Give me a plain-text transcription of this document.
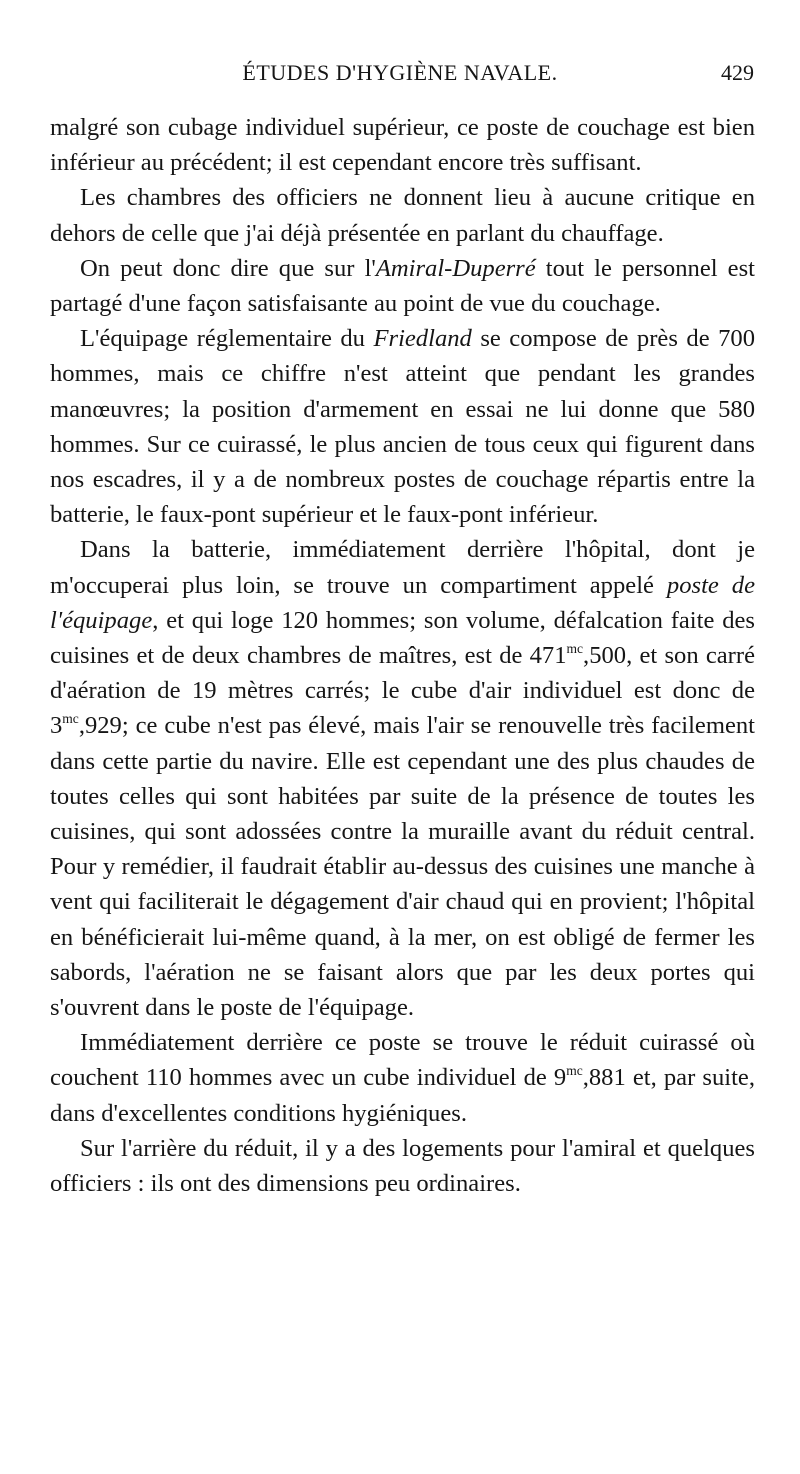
ÉTUDES D'HYGIÈNE NAVALE.	429

malgré son cubage individuel supérieur, ce poste de couchage est bien inférieur au précédent; il est cependant encore très suffisant.

Les chambres des officiers ne donnent lieu à aucune critique en dehors de celle que j'ai déjà présentée en parlant du chauffage.

On peut donc dire que sur l'Amiral-Duperré tout le personnel est partagé d'une façon satisfaisante au point de vue du couchage.

L'équipage réglementaire du Friedland se compose de près de 700 hommes, mais ce chiffre n'est atteint que pendant les grandes manœuvres; la position d'armement en essai ne lui donne que 580 hommes. Sur ce cuirassé, le plus ancien de tous ceux qui figurent dans nos escadres, il y a de nombreux postes de couchage répartis entre la batterie, le faux-pont supérieur et le faux-pont inférieur.

Dans la batterie, immédiatement derrière l'hôpital, dont je m'occuperai plus loin, se trouve un compartiment appelé poste de l'équipage, et qui loge 120 hommes; son volume, défalcation faite des cuisines et de deux chambres de maîtres, est de $471^{mc},500$, et son carré d'aération de 19 mètres carrés; le cube d'air individuel est donc de $3^{mc},929$; ce cube n'est pas élevé, mais l'air se renouvelle très facilement dans cette partie du navire. Elle est cependant une des plus chaudes de toutes celles qui sont habitées par suite de la présence de toutes les cuisines, qui sont adossées contre la muraille avant du réduit central. Pour y remédier, il faudrait établir au-dessus des cuisines une manche à vent qui faciliterait le dégagement d'air chaud qui en provient; l'hôpital en bénéficierait lui-même quand, à la mer, on est obligé de fermer les sabords, l'aération ne se faisant alors que par les deux portes qui s'ouvrent dans le poste de l'équipage.

Immédiatement derrière ce poste se trouve le réduit cuirassé où couchent 110 hommes avec un cube individuel de $9^{mc},881$ et, par suite, dans d'excellentes conditions hygiéniques.

Sur l'arrière du réduit, il y a des logements pour l'amiral et quelques officiers : ils ont des dimensions peu ordinaires.
